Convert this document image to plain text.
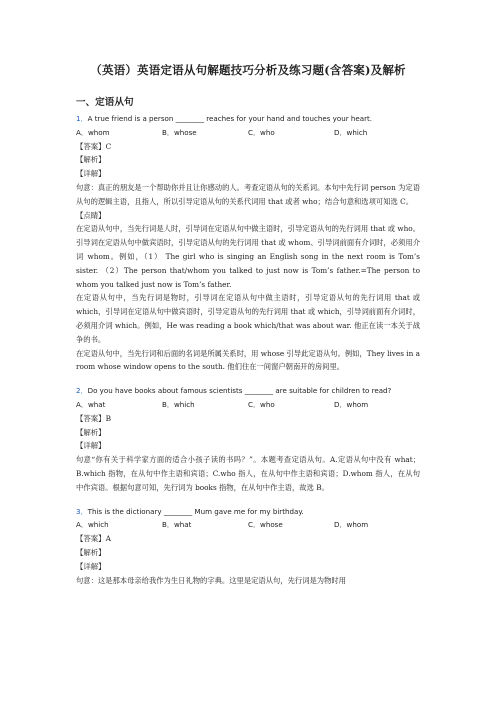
（英语）英语定语从句解题技巧分析及练习题(含答案)及解析
一、定语从句
1．A true friend is a person ________ reaches for your hand and touches your heart.
A．whom	B．whose	C．who	D．which
【答案】C
【解析】
【详解】
句意：真正的朋友是一个帮助你并且让你感动的人。考查定语从句的关系词。本句中先行词 person 为定语从句的逻辑主语，且指人，所以引导定语从句的关系代词用 that 或者 who；结合句意和选项可知选 C。
【点睛】
在定语从句中，当先行词是人时，引导词在定语从句中做主语时，引导定语从句的先行词用 that 或 who。引导词在定语从句中做宾语时，引导定语从句的先行词用 that 或 whom、引导词前面有介词时，必须用介词 whom。例如，（1） The girl who is singing an English song in the next room is Tom’s sister. （2）The person that/whom you talked to just now is Tom’s father.=The person to whom you talked just now is Tom’s father.
在定语从句中，当先行词是物时，引导词在定语从句中做主语时，引导定语从句的先行词用 that 或 which，引导词在定语从句中做宾语时，引导定语从句的先行词用 that 或 which，引导词前面有介词时，必须用介词 which。例如，He was reading a book which/that was about war. 他正在读一本关于战争的书。
在定语从句中，当先行词和后面的名词是所属关系时，用 whose 引导此定语从句。例如，They lives in a room whose window opens to the south. 他们住在一间窗户朝南开的房间里。
2．Do you have books about famous scientists ________ are suitable for children to read?
A．what	B．which	C．who	D．whom
【答案】B
【解析】
【详解】
句意“你有关于科学家方面的适合小孩子读的书吗？”。本题考查定语从句。A.定语从句中没有 what；B.which 指物，在从句中作主语和宾语；C.who 指人，在从句中作主语和宾语；D.whom 指人，在从句中作宾语。根据句意可知，先行词为 books 指物，在从句中作主语，故选 B。
3．This is the dictionary ________ Mum gave me for my birthday.
A．which	B．what	C．whose	D．whom
【答案】A
【解析】
【详解】
句意：这是那本母亲给我作为生日礼物的字典。这里是定语从句，先行词是为物时用
